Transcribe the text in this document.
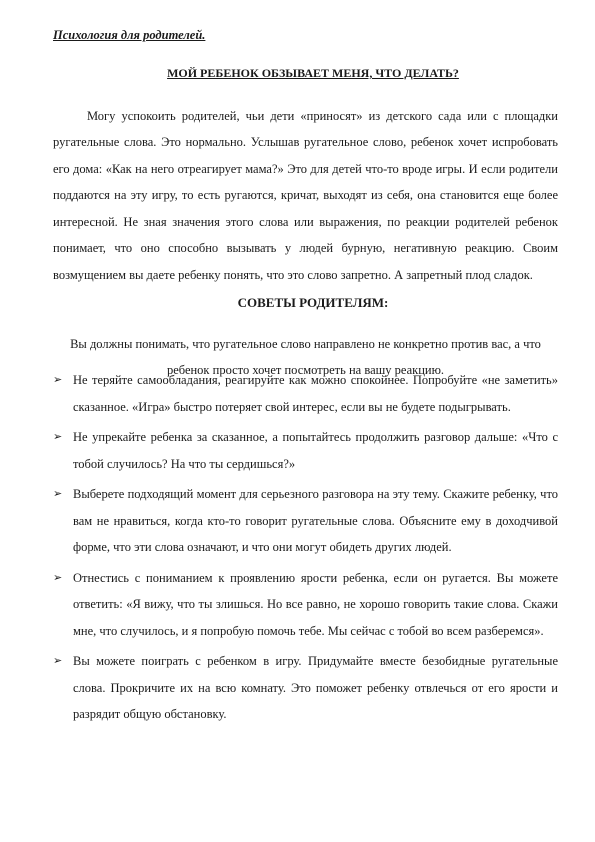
Психология для родителей.
МОЙ РЕБЕНОК ОБЗЫВАЕТ МЕНЯ, ЧТО ДЕЛАТЬ?

Могу успокоить родителей, чьи дети «приносят» из детского сада или с площадки ругательные слова. Это нормально. Услышав ругательное слово, ребенок хочет испробовать его дома: «Как на него отреагирует мама?» Это для детей что-то вроде игры. И если родители поддаются на эту игру, то есть ругаются, кричат, выходят из себя, она становится еще более интересной. Не зная значения этого слова или выражения, по реакции родителей ребенок понимает, что оно способно вызывать у людей бурную, негативную реакцию. Своим возмущением вы даете ребенку понять, что это слово запретно. А запретный плод сладок.

СОВЕТЫ РОДИТЕЛЯМ:

Вы должны понимать, что ругательное слово направлено не конкретно против вас, а что ребенок просто хочет посмотреть на вашу реакцию.

➢ Не теряйте самообладания, реагируйте как можно спокойнее. Попробуйте «не заметить» сказанное. «Игра» быстро потеряет свой интерес, если вы не будете подыгрывать.
➢ Не упрекайте ребенка за сказанное, а попытайтесь продолжить разговор дальше: «Что с тобой случилось? На что ты сердишься?»
➢ Выберете подходящий момент для серьезного разговора на эту тему. Скажите ребенку, что вам не нравиться, когда кто-то говорит ругательные слова. Объясните ему в доходчивой форме, что эти слова означают, и что они могут обидеть других людей.
➢ Отнестись с пониманием к проявлению ярости ребенка, если он ругается. Вы можете ответить: «Я вижу, что ты злишься. Но все равно, не хорошо говорить такие слова. Скажи мне, что случилось, и я попробую помочь тебе. Мы сейчас с тобой во всем разберемся».
➢ Вы можете поиграть с ребенком в игру. Придумайте вместе безобидные ругательные слова. Прокричите их на всю комнату. Это поможет ребенку отвлечься от его ярости и разрядит общую обстановку.
